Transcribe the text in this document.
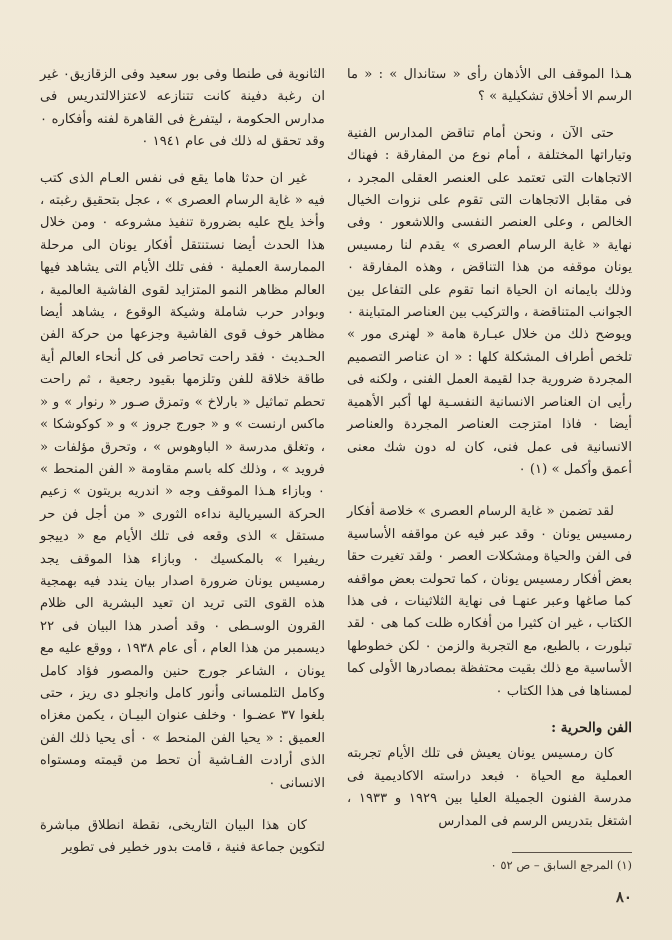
هـذا الموقف الى الأذهان رأى « ستاندال » : « ما الرسم الا أخلاق تشكيلية » ؟

حتى الآن ، ونحن أمام تناقض المدارس الفنية وتياراتها المختلفة ، أمام نوع من المفارقة : فهناك الاتجاهات التى تعتمد على العنصر العقلى المجرد ، فى مقابل الاتجاهات التى تقوم على نزوات الخيال الخالص ، وعلى العنصر النفسى واللاشعور ٠ وفى نهاية « غاية الرسام العصرى » يقدم لنا رمسيس يونان موقفه من هذا التناقض ، وهذه المفارقة ٠ وذلك بايمانه ان الحياة انما تقوم على التفاعل بين الجوانب المتناقضة ، والتركيب بين العناصر المتباينة ٠ ويوضح ذلك من خلال عبـارة هامة « لهنرى مور » تلخص أطراف المشكلة كلها : « ان عناصر التصميم المجردة ضرورية جدا لقيمة العمل الفنى ، ولكنه فى رأيى ان العناصر الانسانية النفسـية لها أكبر الأهمية أيضا ٠ فاذا امتزجت العناصر المجردة والعناصر الانسانية فى عمل فنى، كان له دون شك معنى أعمق وأكمل » (١) ٠

لقد تضمن « غاية الرسام العصرى » خلاصة أفكار رمسيس يونان ٠ وقد عبر فيه عن مواقفه الأساسية فى الفن والحياة ومشكلات العصر ٠ ولقد تغيرت حقا بعض أفكار رمسيس يونان ، كما تحولت بعض مواقفه كما صاغها وعبر عنهـا فى نهاية الثلاثينات ، فى هذا الكتاب ، غير ان كثيرا من أفكاره ظلت كما هى ٠ لقد تبلورت ، بالطبع، مع التجربة والزمن ٠ لكن خطوطها الأساسية مع ذلك بقيت محتفظة بمصادرها الأولى كما لمسناها فى هذا الكتاب ٠

الفن والحرية :

كان رمسيس يونان يعيش فى تلك الأيام تجربته العملية مع الحياة ٠ فبعد دراسته الاكاديمية فى مدرسة الفنون الجميلة العليا بين ١٩٢٩ و ١٩٣٣ ، اشتغل بتدريس الرسم فى المدارس

الثانوية فى طنطا وفى بور سعيد وفى الزقازيق٠ غير ان رغبة دفينة كانت تتنازعه لاعتزالالتدريس فى مدارس الحكومة ، ليتفرغ فى القاهرة لفنه وأفكاره ٠ وقد تحقق له ذلك فى عام ١٩٤١ ٠

غير ان حدثا هاما يقع فى نفس العـام الذى كتب فيه « غاية الرسام العصرى » ، عجل بتحقيق رغبته ، وأخذ يلح عليه بضرورة تنفيذ مشروعه ٠ ومن خلال هذا الحدث أيضا نستنتقل أفكار يونان الى مرحلة الممارسة العملية ٠ ففى تلك الأيام التى يشاهد فيها العالم مظاهر النمو المتزايد لقوى الفاشية العالمية ، وبوادر حرب شاملة وشيكة الوقوع ، يشاهد أيضا مظاهر خوف قوى الفاشية وجزعها من حركة الفن الحـديث ٠ فقد راحت تحاصر فى كل أنحاء العالم أية طاقة خلاقة للفن وتلزمها بقيود رجعية ، ثم راحت تحطم تماثيل « بارلاخ » وتمزق صـور « رنوار » و « ماكس ارنست » و « جورج جروز » و « كوكوشكا » ، وتغلق مدرسة « الباوهوس » ، وتحرق مؤلفات « فرويد » ، وذلك كله باسم مقاومة « الفن المنحط » ٠ وبازاء هـذا الموقف وجه « اندريه بريتون » زعيم الحركة السيريالية نداءه الثورى « من أجل فن حر مستقل » الذى وقعه فى تلك الأيام مع « دييجو ريفيرا » بالمكسيك ٠ وبازاء هذا الموقف يجد رمسيس يونان ضرورة اصدار بيان يندد فيه بهمجية هذه القوى التى تريد ان تعيد البشرية الى ظلام القرون الوسـطى ٠ وقد أصدر هذا البيان فى ٢٢ ديسمبر من هذا العام ، أى عام ١٩٣٨ ، ووقع عليه مع يونان ، الشاعر جورج حنين والمصور فؤاد كامل وكامل التلمسانى وأنور كامل وانجلو دى ريز ، حتى بلغوا ٣٧ عضـوا ٠ وخلف عنوان البيـان ، يكمن مغزاه العميق : « يحيا الفن المنحط » ٠ أى يحيا ذلك الفن الذى أرادت الفـاشية أن تحط من قيمته ومستواه الانسانى ٠

كان هذا البيان التاريخى، نقطة انطلاق مباشرة لتكوين جماعة فنية ، قامت بدور خطير فى تطوير

(١) المرجع السابق – ص ٥٢ ٠
٨٠
